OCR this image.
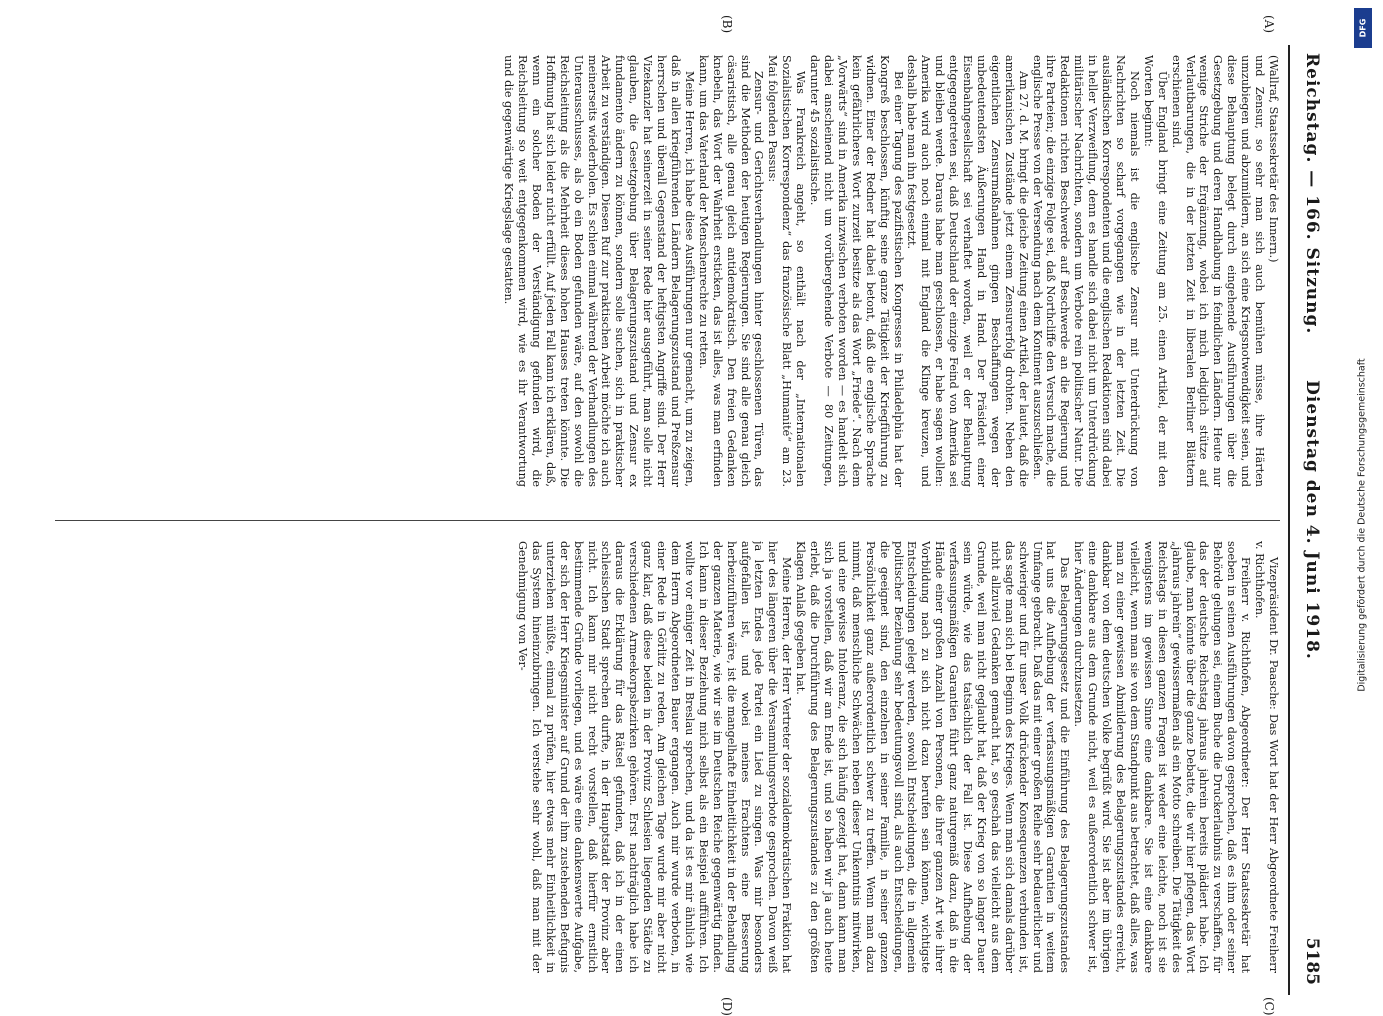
Reichstag. — 166. Sitzung.
Dienstag den 4. Juni 1918.
5185

(Wallraf, Staatssekretär des Innern.)

und Zensur, so sehr man sich auch bemühen müsse, ihre Härten umzubiegen und abzumildern, an sich eine Kriegsnotwendigkeit seien, und diese Behauptung belegt durch eingehende Ausführungen über die Gesetzgebung und deren Handhabung in feindlichen Ländern. Heute nur wenige Striche der Ergänzung, wobei ich mich lediglich stütze auf Verlautbarungen, die in der letzten Zeit in liberalen Berliner Blättern erschienen sind.

Über England bringt eine Zeitung am 25. einen Artikel, der mit den Worten beginnt:

Noch niemals ist die englische Zensur mit Unterdrückung von Nachrichten so scharf vorgegangen wie in der letzten Zeit. Die ausländischen Korrespondenten und die englischen Redaktionen sind dabei in heller Verzweiflung, denn es handle sich dabei nicht um Unterdrückung militärischer Nachrichten, sondern um Verbote rein politischer Natur. Die Redaktionen richten Beschwerde auf Beschwerde an die Regierung und ihre Parteien; die einzige Folge sei, daß Northcliffe den Versuch mache, die englische Presse von der Versendung nach dem Kontinent auszuschließen.

Am 27. d. M. bringt die gleiche Zeitung einen Artikel, der lautet, daß die amerikanischen Zustände jetzt einem Zensurerfolg drohten. Neben den eigentlichen Zensurmaßnahmen gingen Beschaffungen wegen der unbedeutendsten Äußerungen Hand in Hand. Der Präsident einer Eisenbahngesellschaft sei verhaftet worden, weil er der Behauptung entgegengetreten sei, daß Deutschland der einzige Feind von Amerika sei und bleiben werde. Daraus habe man geschlossen, er habe sagen wollen: Amerika wird auch noch einmal mit England die Klinge kreuzen, und deshalb habe man ihn festgesetzt.

Bei einer Tagung des pazifistischen Kongresses in Philadelphia hat der Kongreß beschlossen, künftig seine ganze Tätigkeit der Kriegführung zu widmen. Einer der Redner hat dabei betont, daß die englische Sprache kein gefährlicheres Wort zurzeit besitze als das Wort „Friede“. Nach dem „Vorwärts“ sind in Amerika inzwischen verboten worden — es handelt sich dabei anscheinend nicht um vorübergehende Verbote — 80 Zeitungen, darunter 45 sozialistische.

Was Frankreich angeht, so enthält nach der „Internationalen Sozialistischen Korrespondenz“ das französische Blatt „Humanité“ am 23. Mai folgenden Passus:

Zensur- und Gerichtsverhandlungen hinter geschlossenen Türen, das sind die Methoden der heutigen Regierungen. Sie sind alle genau gleich cäsaristisch, alle genau gleich antidemokratisch. Den freien Gedanken knebeln, das Wort der Wahrheit ersticken, das ist alles, was man erfinden kann, um das Vaterland der Menschenrechte zu retten.

Meine Herren, ich habe diese Ausführungen nur gemacht, um zu zeigen, daß in allen kriegführenden Ländern Belagerungszustand und Preßzensur herrschen und überall Gegenstand der heftigsten Angriffe sind. Der Herr Vizekanzler hat seinerzeit in seiner Rede hier ausgeführt, man solle nicht glauben, die Gesetzgebung über Belagerungszustand und Zensur ex fundamento ändern zu können, sondern solle suchen, sich in praktischer Arbeit zu verständigen. Diesen Ruf zur praktischen Arbeit möchte ich auch meinerseits wiederholen. Es schien einmal während der Verhandlungen des Unterausschusses, als ob ein Boden gefunden wäre, auf den sowohl die Reichsleitung als die Mehrheit dieses hohen Hauses treten könnte. Die Hoffnung hat sich leider nicht erfüllt. Auf jeden Fall kann ich erklären, daß, wenn ein solcher Boden der Verständigung gefunden wird, die Reichsleitung so weit entgegenkommen wird, wie es ihr Verantwortung und die gegenwärtige Kriegslage gestatten.

Vizepräsident Dr. Paasche: Das Wort hat der Herr Abgeordnete Freiherr v. Richthofen.

Freiherr v. Richthofen, Abgeordneter: Der Herr Staatssekretär hat soeben in seinen Ausführungen davon gesprochen, daß es ihm oder seiner Behörde gelungen sei, einem Buche die Druckerlaubnis zu verschaffen, für das der deutsche Reichstag jahraus jahrein bereits plädiert habe. Ich glaube, man könnte über die ganze Debatte, die wir hier pflegen, das Wort „jahraus jahrein“ gewissermaßen als ein Motto schreiben. Die Tätigkeit des Reichstags in diesen ganzen Fragen ist weder eine leichte, noch ist sie wenigstens im gewissen Sinne eine dankbare. Sie ist eine dankbare vielleicht, wenn man sie von dem Standpunkt aus betrachtet, daß alles, was man zu einer gewissen Abmilderung des Belagerungszustandes erreicht, dankbar von dem deutschen Volke begrüßt wird. Sie ist aber im übrigen eine dankbare aus dem Grunde nicht, weil es außerordentlich schwer ist, hier Änderungen durchzusetzen.

Das Belagerungsgesetz und die Einführung des Belagerungszustandes hat uns die Aufhebung der verfassungsmäßigen Garantien in weitem Umfange gebracht. Daß das mit einer großen Reihe sehr bedauerlicher und schwieriger und für unser Volk drückender Konsequenzen verbunden ist, das sagte man sich bei Beginn des Krieges. Wenn man sich damals darüber nicht allzuviel Gedanken gemacht hat, so geschah das vielleicht aus dem Grunde, weil man nicht geglaubt hat, daß der Krieg von so langer Dauer sein würde, wie das tatsächlich der Fall ist. Diese Aufhebung der verfassungsmäßigen Garantien führt ganz naturgemäß dazu, daß in die Hände einer großen Anzahl von Personen, die ihrer ganzen Art wie ihrer Vorbildung nach zu sich nicht dazu berufen sein können, wichtigste Entscheidungen gelegt werden, sowohl Entscheidungen, die in allgemein politischer Beziehung sehr bedeutungsvoll sind, als auch Entscheidungen, die geeignet sind, den einzelnen in seiner Familie, in seiner ganzen Persönlichkeit ganz außerordentlich schwer zu treffen. Wenn man dazu nimmt, daß menschliche Schwächen neben dieser Unkenntnis mitwirken, und eine gewisse Intoleranz, die sich häufig gezeigt hat, dann kann man sich ja vorstellen, daß wir am Ende ist, und so haben wir ja auch heute erlebt, daß die Durchführung des Belagerungszustandes zu den größten Klagen Anlaß gegeben hat.

Meine Herren, der Herr Vertreter der sozialdemokratischen Fraktion hat hier des längeren über die Versammlungsverbote gesprochen. Davon weiß ja letzten Endes jede Partei ein Lied zu singen. Was mir besonders aufgefallen ist, und wobei meines Erachtens eine Besserung herbeizuführen wäre, ist die mangelhafte Einheitlichkeit in der Behandlung der ganzen Materie, wie wir sie im Deutschen Reiche gegenwärtig finden. Ich kann in dieser Beziehung mich selbst als ein Beispiel aufführen. Ich wollte vor einiger Zeit in Breslau sprechen, und da ist es mir ähnlich wie dem Herrn Abgeordneten Bauer ergangen. Auch mir wurde verboten, in einer Rede in Görlitz zu reden. Am gleichen Tage wurde mir aber nicht ganz klar, daß diese beiden in der Provinz Schlesien liegenden Städte zu verschiedenen Armeekorpsbezirken gehören. Erst nachträglich habe ich daraus die Erklärung für das Rätsel gefunden, daß ich in der einen schlesischen Stadt sprechen durfte, in der Hauptstadt der Provinz aber nicht. Ich kann mir nicht recht vorstellen, daß hierfür ernstlich bestimmende Gründe vorliegen, und es wäre eine dankenswerte Aufgabe, der sich der Herr Kriegsminister auf Grund der ihm zustehenden Befugnis unterziehen müßte, einmal zu prüfen, hier etwas mehr Einheitlichkeit in das System hineinzubringen. Ich verstehe sehr wohl, daß man mit der Genehmigung von Ver-

(A)
(B)
(C)
(D)
DFG
Digitalisierung gefördert durch die Deutsche Forschungsgemeinschaft
